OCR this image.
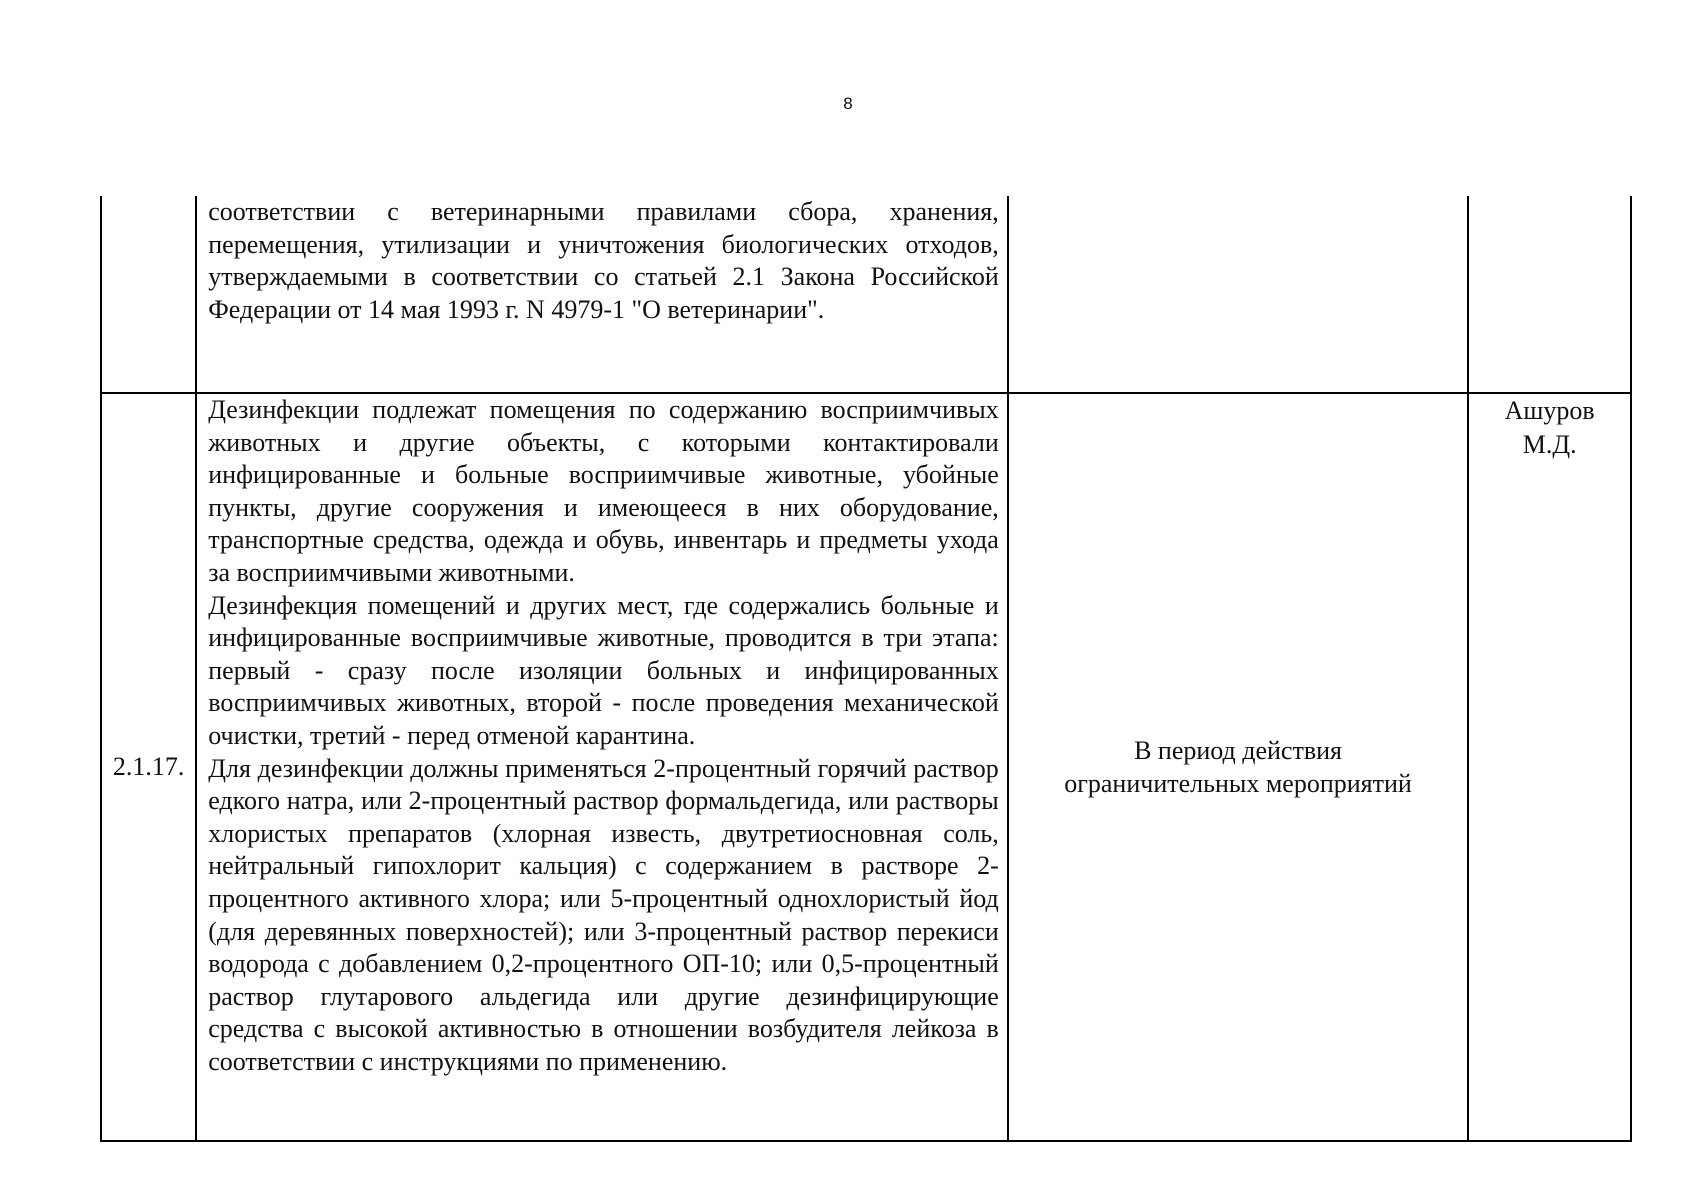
8

соответствии с ветеринарными правилами сбора, хранения, перемещения, утилизации и уничтожения биологических отходов, утверждаемыми в соответствии со статьей 2.1 Закона Российской Федерации от 14 мая 1993 г. N 4979-1 "О ветеринарии".

2.1.17.

Дезинфекции подлежат помещения по содержанию восприимчивых животных и другие объекты, с которыми контактировали инфицированные и больные восприимчивые животные, убойные пункты, другие сооружения и имеющееся в них оборудование, транспортные средства, одежда и обувь, инвентарь и предметы ухода за восприимчивыми животными.

Дезинфекция помещений и других мест, где содержались больные и инфицированные восприимчивые животные, проводится в три этапа: первый - сразу после изоляции больных и инфицированных восприимчивых животных, второй - после проведения механической очистки, третий - перед отменой карантина.

Для дезинфекции должны применяться 2-процентный горячий раствор едкого натра, или 2-процентный раствор формальдегида, или растворы хлористых препаратов (хлорная известь, двутретиосновная соль, нейтральный гипохлорит кальция) с содержанием в растворе 2-процентного активного хлора; или 5-процентный однохлористый йод (для деревянных поверхностей); или 3-процентный раствор перекиси водорода с добавлением 0,2-процентного ОП-10; или 0,5-процентный раствор глутарового альдегида или другие дезинфицирующие средства с высокой активностью в отношении возбудителя лейкоза в соответствии с инструкциями по применению.

В период действия
ограничительных мероприятий
Ашуров
М.Д.
